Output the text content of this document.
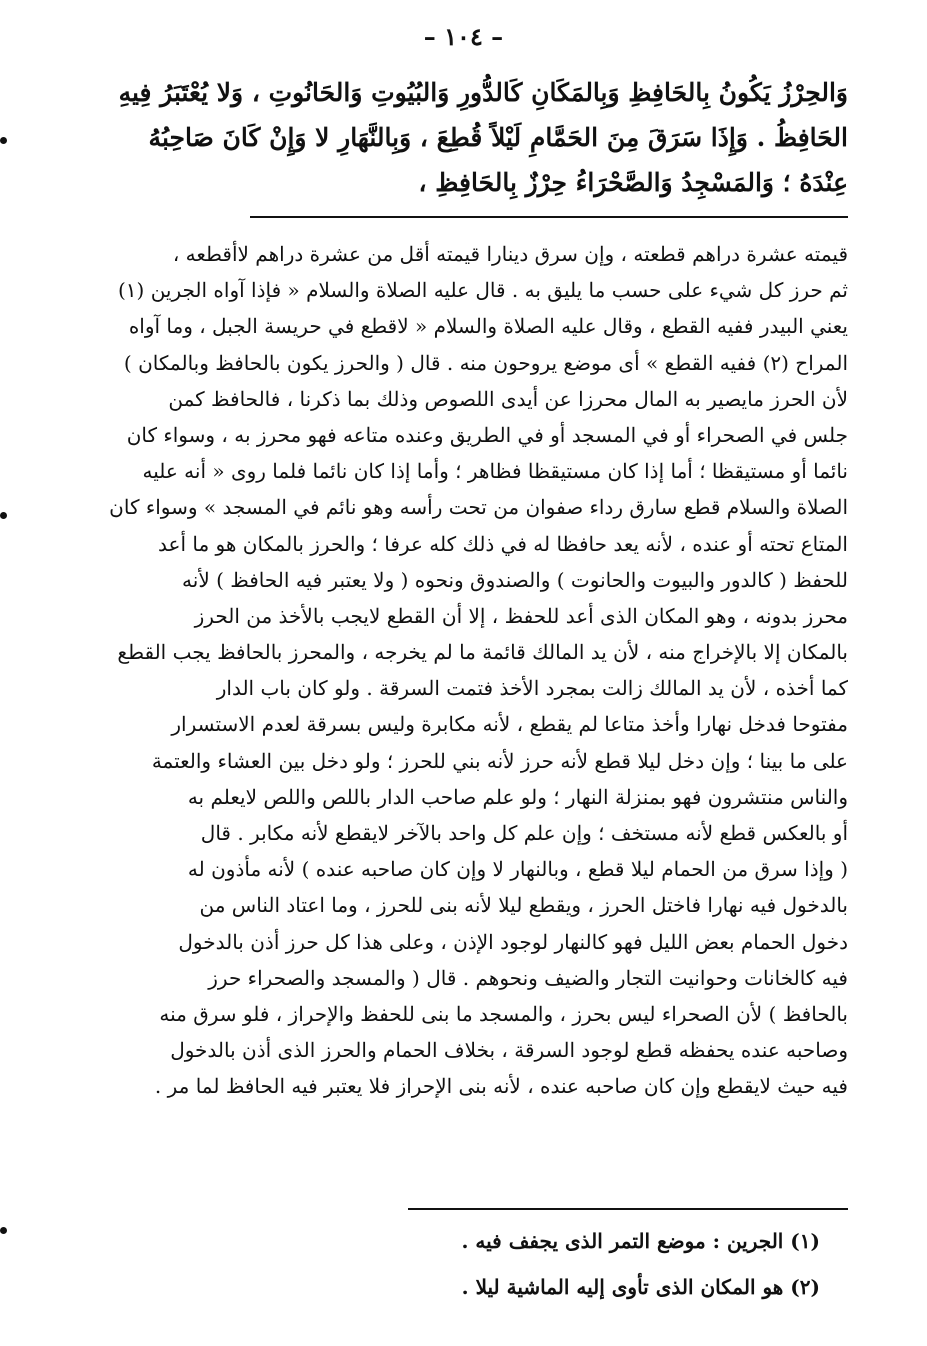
– ١٠٤ –
وَالحِرْزُ يَكُونُ بِالحَافِظِ وَبِالمَكَانِ كَالدُّورِ وَالبُيُوتِ وَالحَانُوتِ ، وَلا يُعْتَبَرُ فِيهِ
الحَافِظُ . وَإِذَا سَرَقَ مِنَ الحَمَّامِ لَيْلاً قُطِعَ ، وَبِالنَّهَارِ لا وَإِنْ كَانَ صَاحِبُهُ
عِنْدَهُ ؛ وَالمَسْجِدُ وَالصَّحْرَاءُ حِرْزٌ بِالحَافِظِ ،
قيمته عشرة دراهم قطعته ، وإن سرق دينارا قيمته أقل من عشرة دراهم لاأقطعه ،
ثم حرز كل شيء على حسب ما يليق به . قال عليه الصلاة والسلام « فإذا آواه الجرين (١)
يعني البيدر ففيه القطع ، وقال عليه الصلاة والسلام « لاقطع في حريسة الجبل ، وما آواه
المراح (٢) ففيه القطع » أى موضع يروحون منه . قال ( والحرز يكون بالحافظ وبالمكان )
لأن الحرز مايصير به المال محرزا عن أيدى اللصوص وذلك بما ذكرنا ، فالحافظ كمن
جلس في الصحراء أو في المسجد أو في الطريق وعنده متاعه فهو محرز به ، وسواء كان
نائما أو مستيقظا ؛ أما إذا كان مستيقظا فظاهر ؛ وأما إذا كان نائما فلما روى « أنه عليه
الصلاة والسلام قطع سارق رداء صفوان من تحت رأسه وهو نائم في المسجد » وسواء كان
المتاع تحته أو عنده ، لأنه يعد حافظا له في ذلك كله عرفا ؛ والحرز بالمكان هو ما أعد
للحفظ ( كالدور والبيوت والحانوت ) والصندوق ونحوه ( ولا يعتبر فيه الحافظ ) لأنه
محرز بدونه ، وهو المكان الذى أعد للحفظ ، إلا أن القطع لايجب بالأخذ من الحرز
بالمكان إلا بالإخراج منه ، لأن يد المالك قائمة ما لم يخرجه ، والمحرز بالحافظ يجب القطع
كما أخذه ، لأن يد المالك زالت بمجرد الأخذ فتمت السرقة . ولو كان باب الدار
مفتوحا فدخل نهارا وأخذ متاعا لم يقطع ، لأنه مكابرة وليس بسرقة لعدم الاستسرار
على ما بينا ؛ وإن دخل ليلا قطع لأنه حرز لأنه بني للحرز ؛ ولو دخل بين العشاء والعتمة
والناس منتشرون فهو بمنزلة النهار ؛ ولو علم صاحب الدار باللص واللص لايعلم به
أو بالعكس قطع لأنه مستخف ؛ وإن علم كل واحد بالآخر لايقطع لأنه مكابر . قال
( وإذا سرق من الحمام ليلا قطع ، وبالنهار لا وإن كان صاحبه عنده ) لأنه مأذون له
بالدخول فيه نهارا فاختل الحرز ، ويقطع ليلا لأنه بنى للحرز ، وما اعتاد الناس من
دخول الحمام بعض الليل فهو كالنهار لوجود الإذن ، وعلى هذا كل حرز أذن بالدخول
فيه كالخانات وحوانيت التجار والضيف ونحوهم . قال ( والمسجد والصحراء حرز
بالحافظ ) لأن الصحراء ليس بحرز ، والمسجد ما بنى للحفظ والإحراز ، فلو سرق منه
وصاحبه عنده يحفظه قطع لوجود السرقة ، بخلاف الحمام والحرز الذى أذن بالدخول
فيه حيث لايقطع وإن كان صاحبه عنده ، لأنه بنى الإحراز فلا يعتبر فيه الحافظ لما مر .
(١) الجرين : موضع التمر الذى يجفف فيه .
(٢) هو المكان الذى تأوى إليه الماشية ليلا .
